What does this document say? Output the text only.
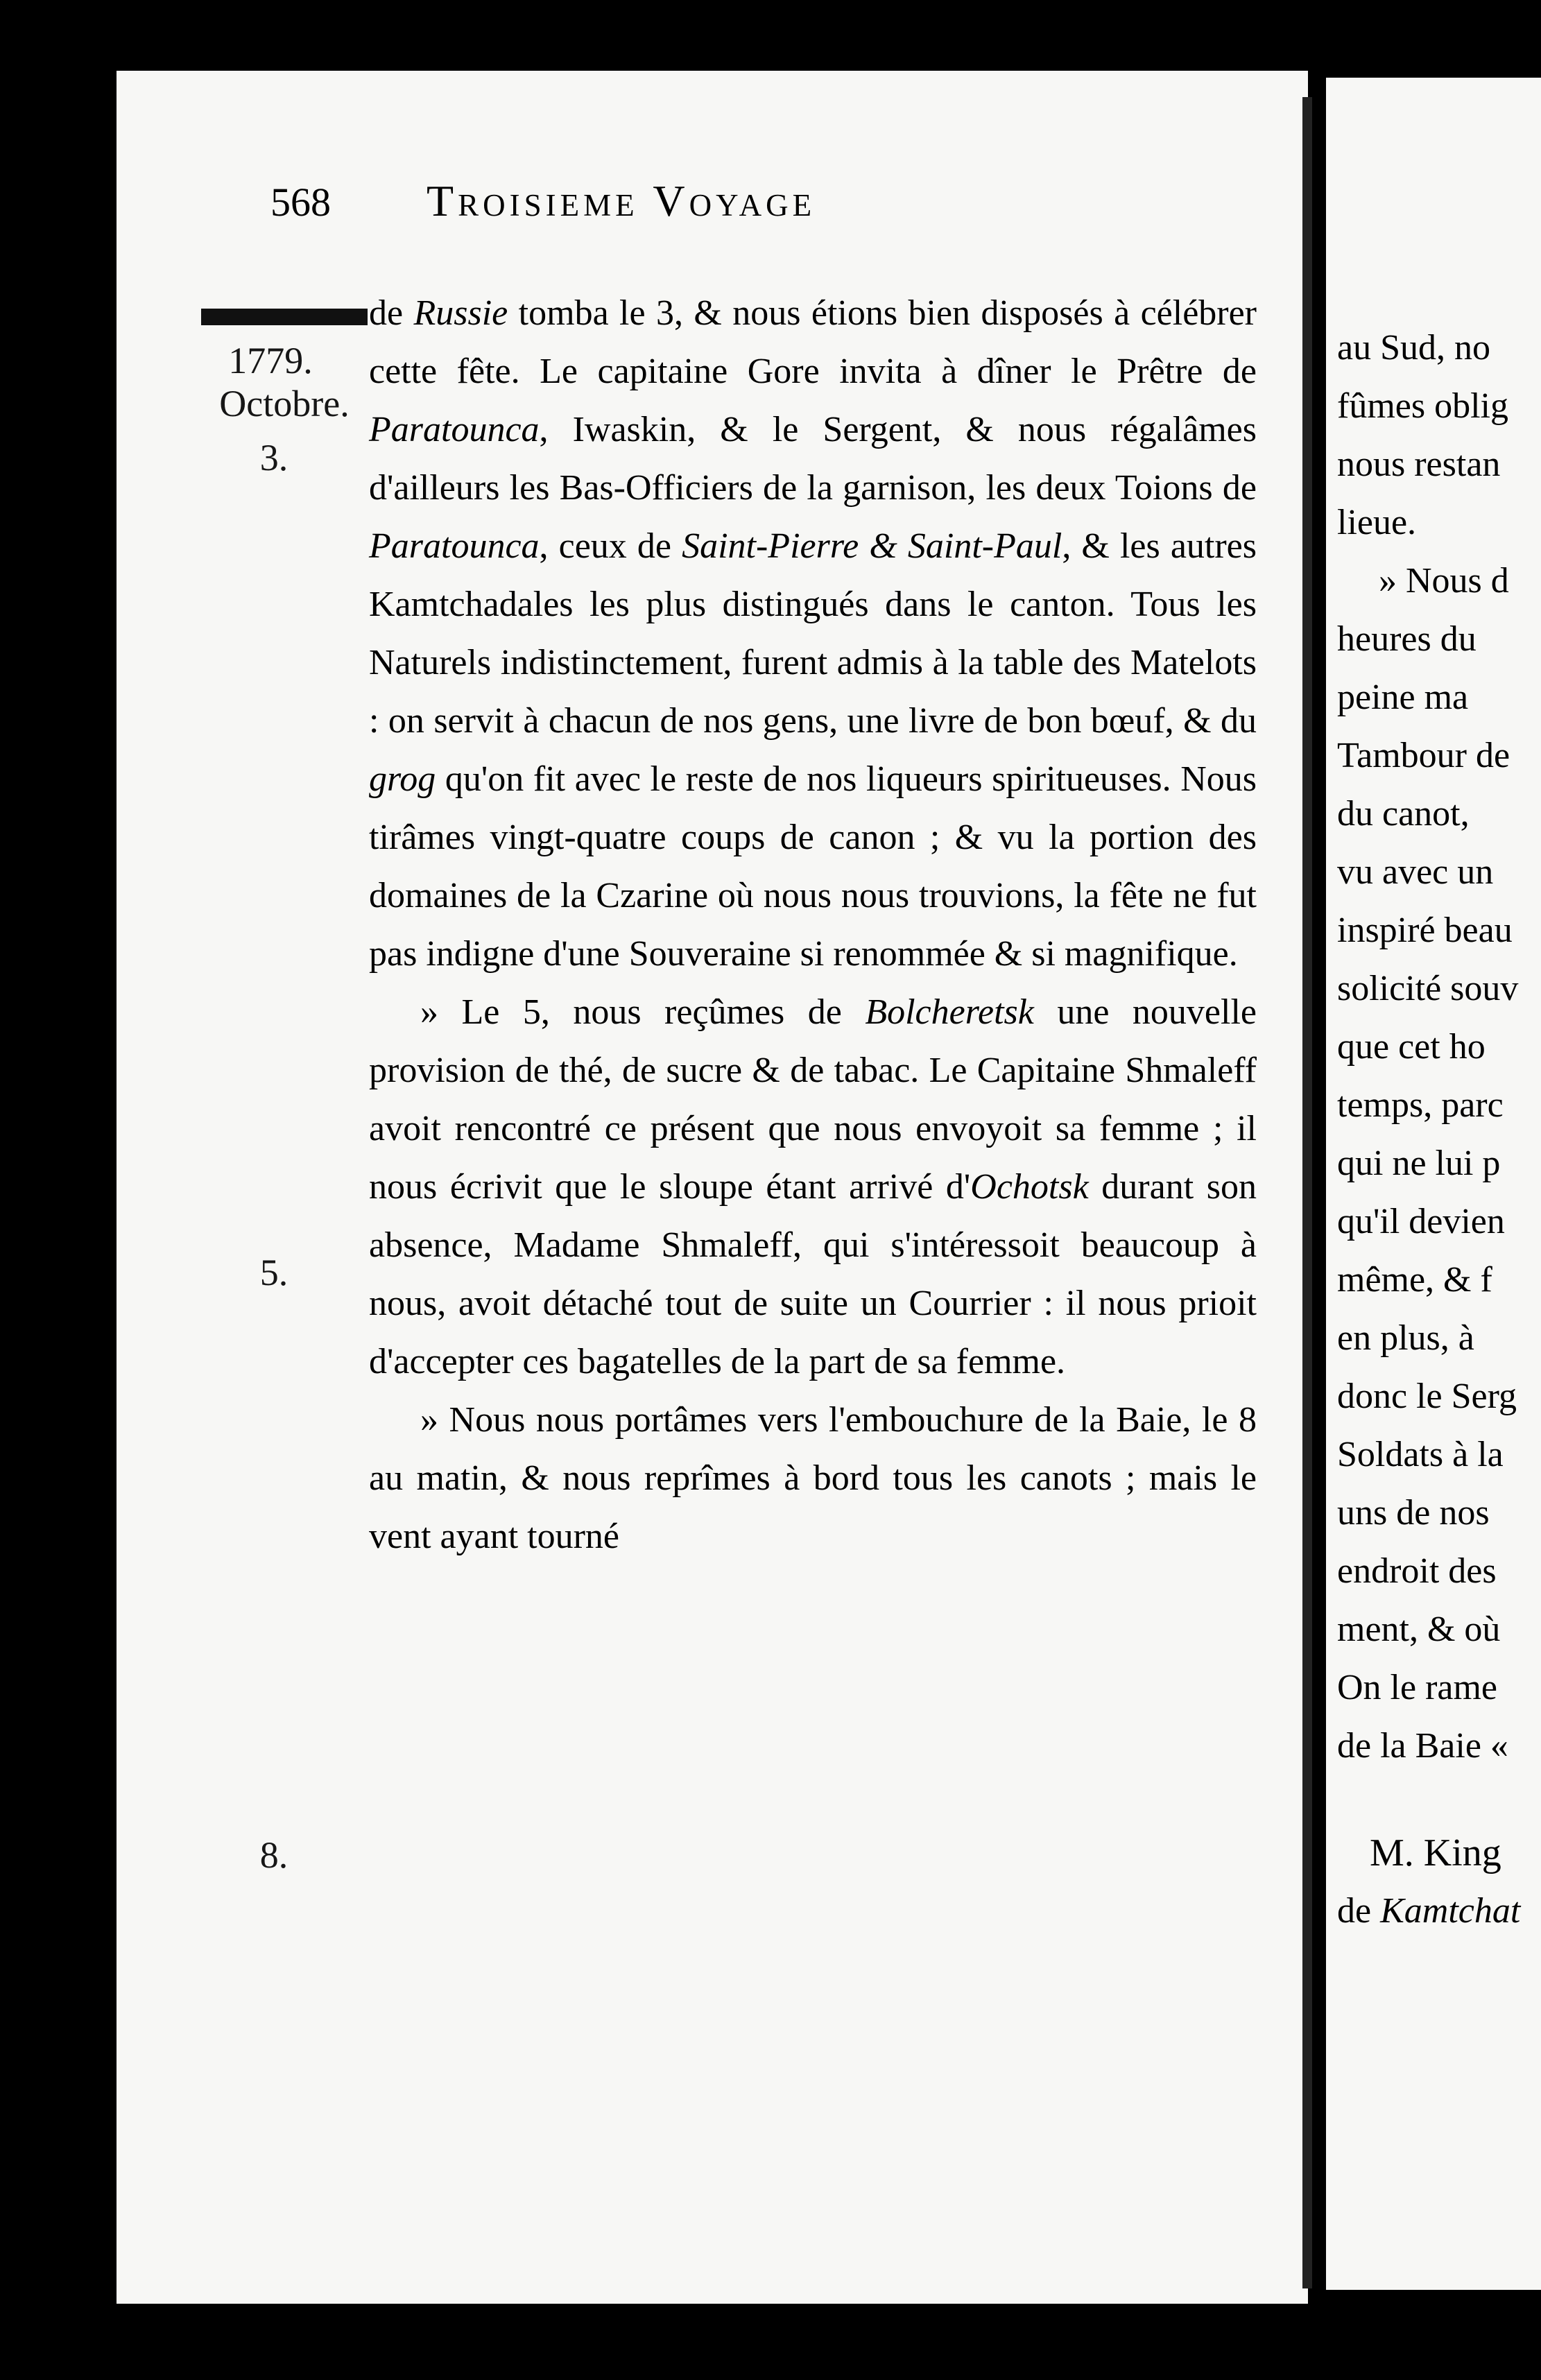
568 Troisieme Voyage
1779.
Octobre.
3.
5.
8.

de Russie tomba le 3, & nous étions bien disposés à célébrer cette fête. Le capitaine Gore invita à dîner le Prêtre de Paratounca, Iwaskin, & le Sergent, & nous régalâmes d'ailleurs les Bas-Officiers de la garnison, les deux Toions de Paratounca, ceux de Saint-Pierre & Saint-Paul, & les autres Kamtchadales les plus distingués dans le canton. Tous les Naturels indistinctement, furent admis à la table des Matelots : on servit à chacun de nos gens, une livre de bon bœuf, & du grog qu'on fit avec le reste de nos liqueurs spiritueuses. Nous tirâmes vingt-quatre coups de canon ; & vu la portion des domaines de la Czarine où nous nous trouvions, la fête ne fut pas indigne d'une Souveraine si renommée & si magnifique.

» Le 5, nous reçûmes de Bolcheretsk une nouvelle provision de thé, de sucre & de tabac. Le Capitaine Shmaleff avoit rencontré ce présent que nous envoyoit sa femme ; il nous écrivit que le sloupe étant arrivé d'Ochotsk durant son absence, Madame Shmaleff, qui s'intéressoit beaucoup à nous, avoit détaché tout de suite un Courrier : il nous prioit d'accepter ces bagatelles de la part de sa femme.

» Nous nous portâmes vers l'embouchure de la Baie, le 8 au matin, & nous reprîmes à bord tous les canots ; mais le vent ayant tourné

au Sud, no
fûmes oblig
nous restan
lieue.
» Nous d
heures du
peine ma
Tambour de
du canot,
vu avec un
inspiré beau
solicité souv
que cet ho
temps, parc
qui ne lui p
qu'il devien
même, & f
en plus, à
donc le Serg
Soldats à la
uns de nos
endroit des
ment, & où
On le rame
de la Baie «
M. King
de Kamtchat
